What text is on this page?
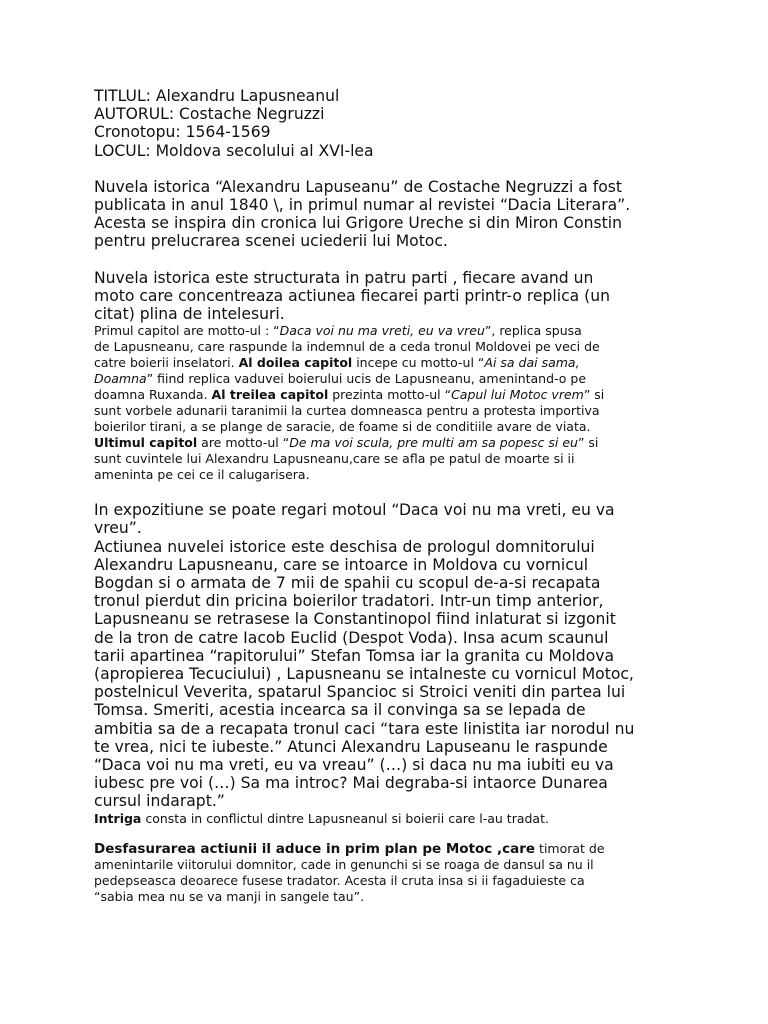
TITLUL: Alexandru Lapusneanul

AUTORUL: Costache Negruzzi

Cronotopu: 1564-1569

LOCUL: Moldova secolului al XVI-lea

Nuvela istorica “Alexandru Lapuseanu” de Costache Negruzzi a fost

publicata in anul 1840 \, in primul numar al revistei “Dacia Literara”.

Acesta se inspira din cronica lui Grigore Ureche si din Miron Constin

pentru prelucrarea scenei uciederii lui Motoc.

Nuvela istorica este structurata in patru parti , fiecare avand un

moto care concentreaza actiunea fiecarei parti printr-o replica (un

citat) plina de intelesuri.

Primul capitol are motto-ul : “Daca voi nu ma vreti, eu va vreu”, replica spusa

de Lapusneanu, care raspunde la indemnul de a ceda tronul Moldovei pe veci de

catre boierii inselatori. Al doilea capitol incepe cu motto-ul “Ai sa dai sama,

Doamna” fiind replica vaduvei boierului ucis de Lapusneanu, amenintand-o pe

doamna Ruxanda. Al treilea capitol prezinta motto-ul “Capul lui Motoc vrem” si

sunt vorbele adunarii taranimii la curtea domneasca pentru a protesta importiva

boierilor tirani, a se plange de saracie, de foame si de conditiile avare de viata.

Ultimul capitol are motto-ul “De ma voi scula, pre multi am sa popesc si eu” si

sunt cuvintele lui Alexandru Lapusneanu,care se afla pe patul de moarte si ii

ameninta pe cei ce il calugarisera.

In expozitiune se poate regari motoul “Daca voi nu ma vreti, eu va

vreu”.

Actiunea nuvelei istorice este deschisa de prologul domnitorului

Alexandru Lapusneanu, care se intoarce in Moldova cu vornicul

Bogdan si o armata de 7 mii de spahii cu scopul de-a-si recapata

tronul pierdut din pricina boierilor tradatori. Intr-un timp anterior,

Lapusneanu se retrasese la Constantinopol fiind inlaturat si izgonit

de la tron de catre Iacob Euclid (Despot Voda). Insa acum scaunul

tarii apartinea “rapitorului” Stefan Tomsa iar la granita cu Moldova

(apropierea Tecuciului) , Lapusneanu se intalneste cu vornicul Motoc,

postelnicul Veverita, spatarul Spancioc si Stroici veniti din partea lui

Tomsa. Smeriti, acestia incearca sa il convinga sa se lepada de

ambitia sa de a recapata tronul caci “tara este linistita iar norodul nu

te vrea, nici te iubeste.” Atunci Alexandru Lapuseanu le raspunde

“Daca voi nu ma vreti, eu va vreau” (…) si daca nu ma iubiti eu va

iubesc pre voi (…) Sa ma introc? Mai degraba-si intaorce Dunarea

cursul indarapt.”

Intriga consta in conflictul dintre Lapusneanul si boierii care l-au tradat.

Desfasurarea actiunii il aduce in prim plan pe Motoc ,care timorat de

amenintarile viitorului domnitor, cade in genunchi si se roaga de dansul sa nu il

pedepseasca deoarece fusese tradator. Acesta il cruta insa si ii fagaduieste ca

“sabia mea nu se va manji in sangele tau”.
